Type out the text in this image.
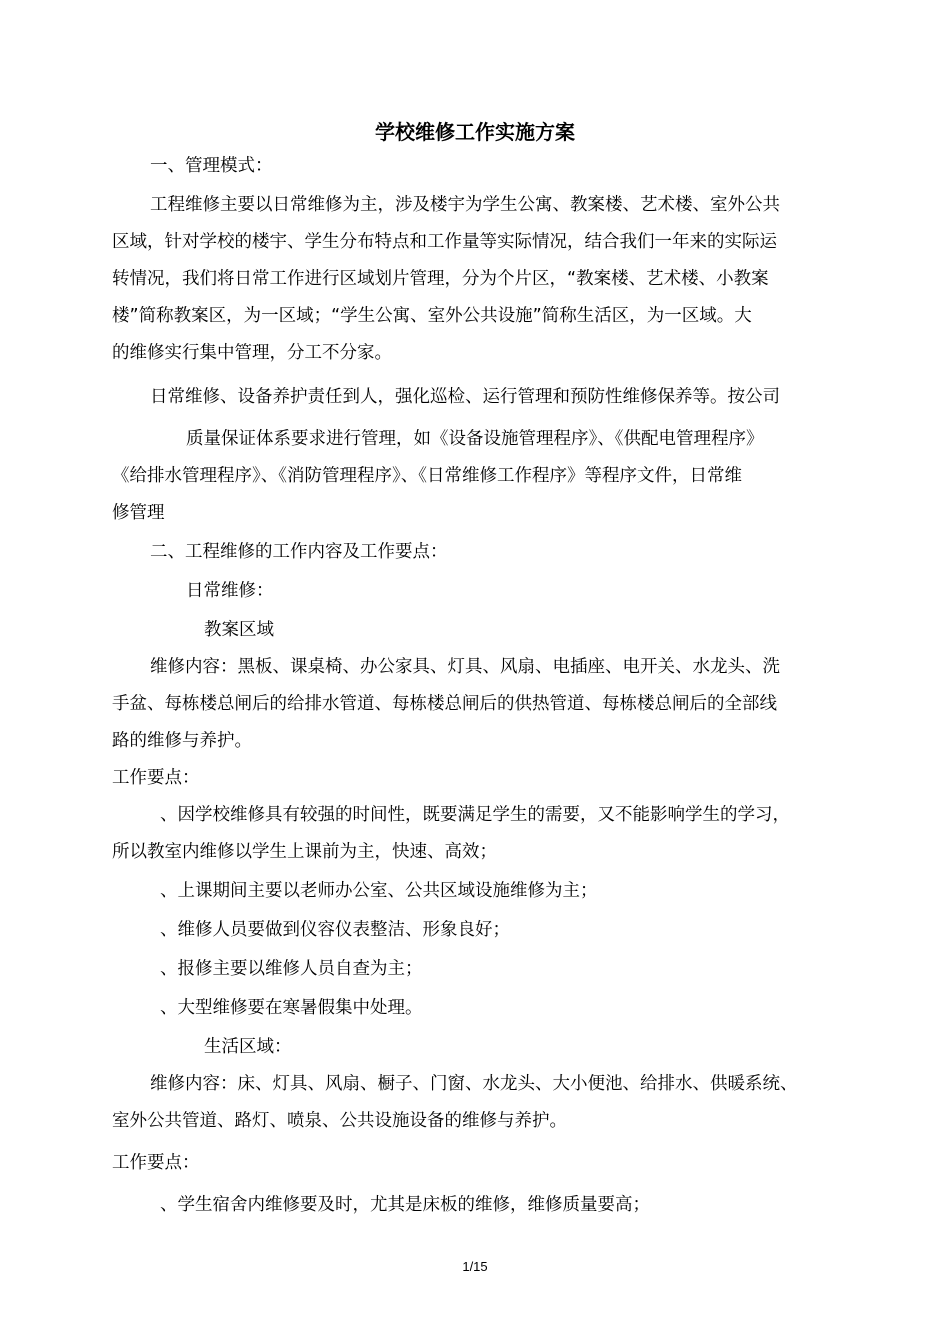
学校维修工作实施方案
一、管理模式：
工程维修主要以日常维修为主，涉及楼宇为学生公寓、教案楼、艺术楼、室外公共
区域，针对学校的楼宇、学生分布特点和工作量等实际情况，结合我们一年来的实际运
转情况，我们将日常工作进行区域划片管理，分为个片区，“教案楼、艺术楼、小教案
楼”简称教案区，为一区域；“学生公寓、室外公共设施”简称生活区，为一区域。大
的维修实行集中管理，分工不分家。
日常维修、设备养护责任到人，强化巡检、运行管理和预防性维修保养等。按公司
质量保证体系要求进行管理，如《设备设施管理程序》、《供配电管理程序》
《给排水管理程序》、《消防管理程序》、《日常维修工作程序》等程序文件，日常维
修管理
二、工程维修的工作内容及工作要点：
日常维修：
教案区域
维修内容：黑板、课桌椅、办公家具、灯具、风扇、电插座、电开关、水龙头、洗
手盆、每栋楼总闸后的给排水管道、每栋楼总闸后的供热管道、每栋楼总闸后的全部线
路的维修与养护。
工作要点：
、因学校维修具有较强的时间性，既要满足学生的需要，又不能影响学生的学习，
所以教室内维修以学生上课前为主，快速、高效；
、上课期间主要以老师办公室、公共区域设施维修为主；
、维修人员要做到仪容仪表整洁、形象良好；
、报修主要以维修人员自查为主；
、大型维修要在寒暑假集中处理。
生活区域：
维修内容：床、灯具、风扇、橱子、门窗、水龙头、大小便池、给排水、供暖系统、
室外公共管道、路灯、喷泉、公共设施设备的维修与养护。
工作要点：
、学生宿舍内维修要及时，尤其是床板的维修，维修质量要高；
1/15
